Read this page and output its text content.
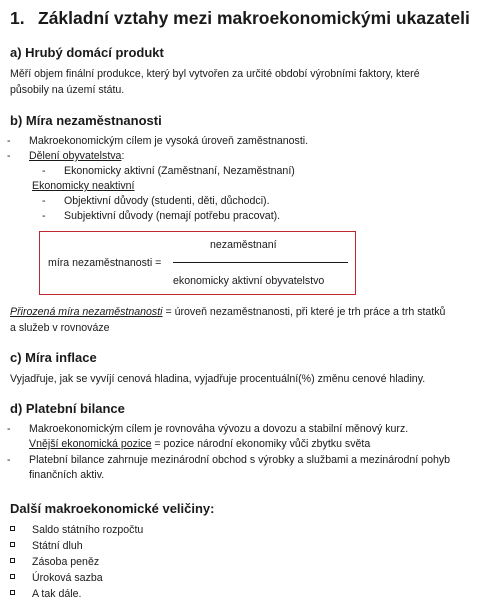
1. Základní vztahy mezi makroekonomickými ukazateli
a) Hrubý domácí produkt
Měří objem finální produkce, který byl vytvořen za určité období výrobními faktory, které
působily na území státu.
b) Míra nezaměstnanosti
- Makroekonomickým cílem je vysoká úroveň zaměstnanosti.
- Dělení obyvatelstva:
- Ekonomicky aktivní (Zaměstnaní, Nezaměstnaní)
Ekonomicky neaktivní
- Objektivní důvody (studenti, děti, důchodci).
- Subjektivní důvody (nemají potřebu pracovat).
míra nezaměstnanosti =
nezaměstnaní
ekonomicky aktivní obyvatelstvo
Přirozená míra nezaměstnanosti = úroveň nezaměstnanosti, při které je trh práce a trh statků
a služeb v rovnováze
c) Míra inflace
Vyjadřuje, jak se vyvíjí cenová hladina, vyjadřuje procentuální(%) změnu cenové hladiny.
d) Platební bilance
- Makroekonomickým cílem je rovnováha vývozu a dovozu a stabilní měnový kurz.
Vnější ekonomická pozice = pozice národní ekonomiky vůči zbytku světa
- Platební bilance zahrnuje mezinárodní obchod s výrobky a službami a mezinárodní pohyb
finančních aktiv.
Další makroekonomické veličiny:
Saldo státního rozpočtu
Státní dluh
Zásoba peněz
Úroková sazba
A tak dále.
